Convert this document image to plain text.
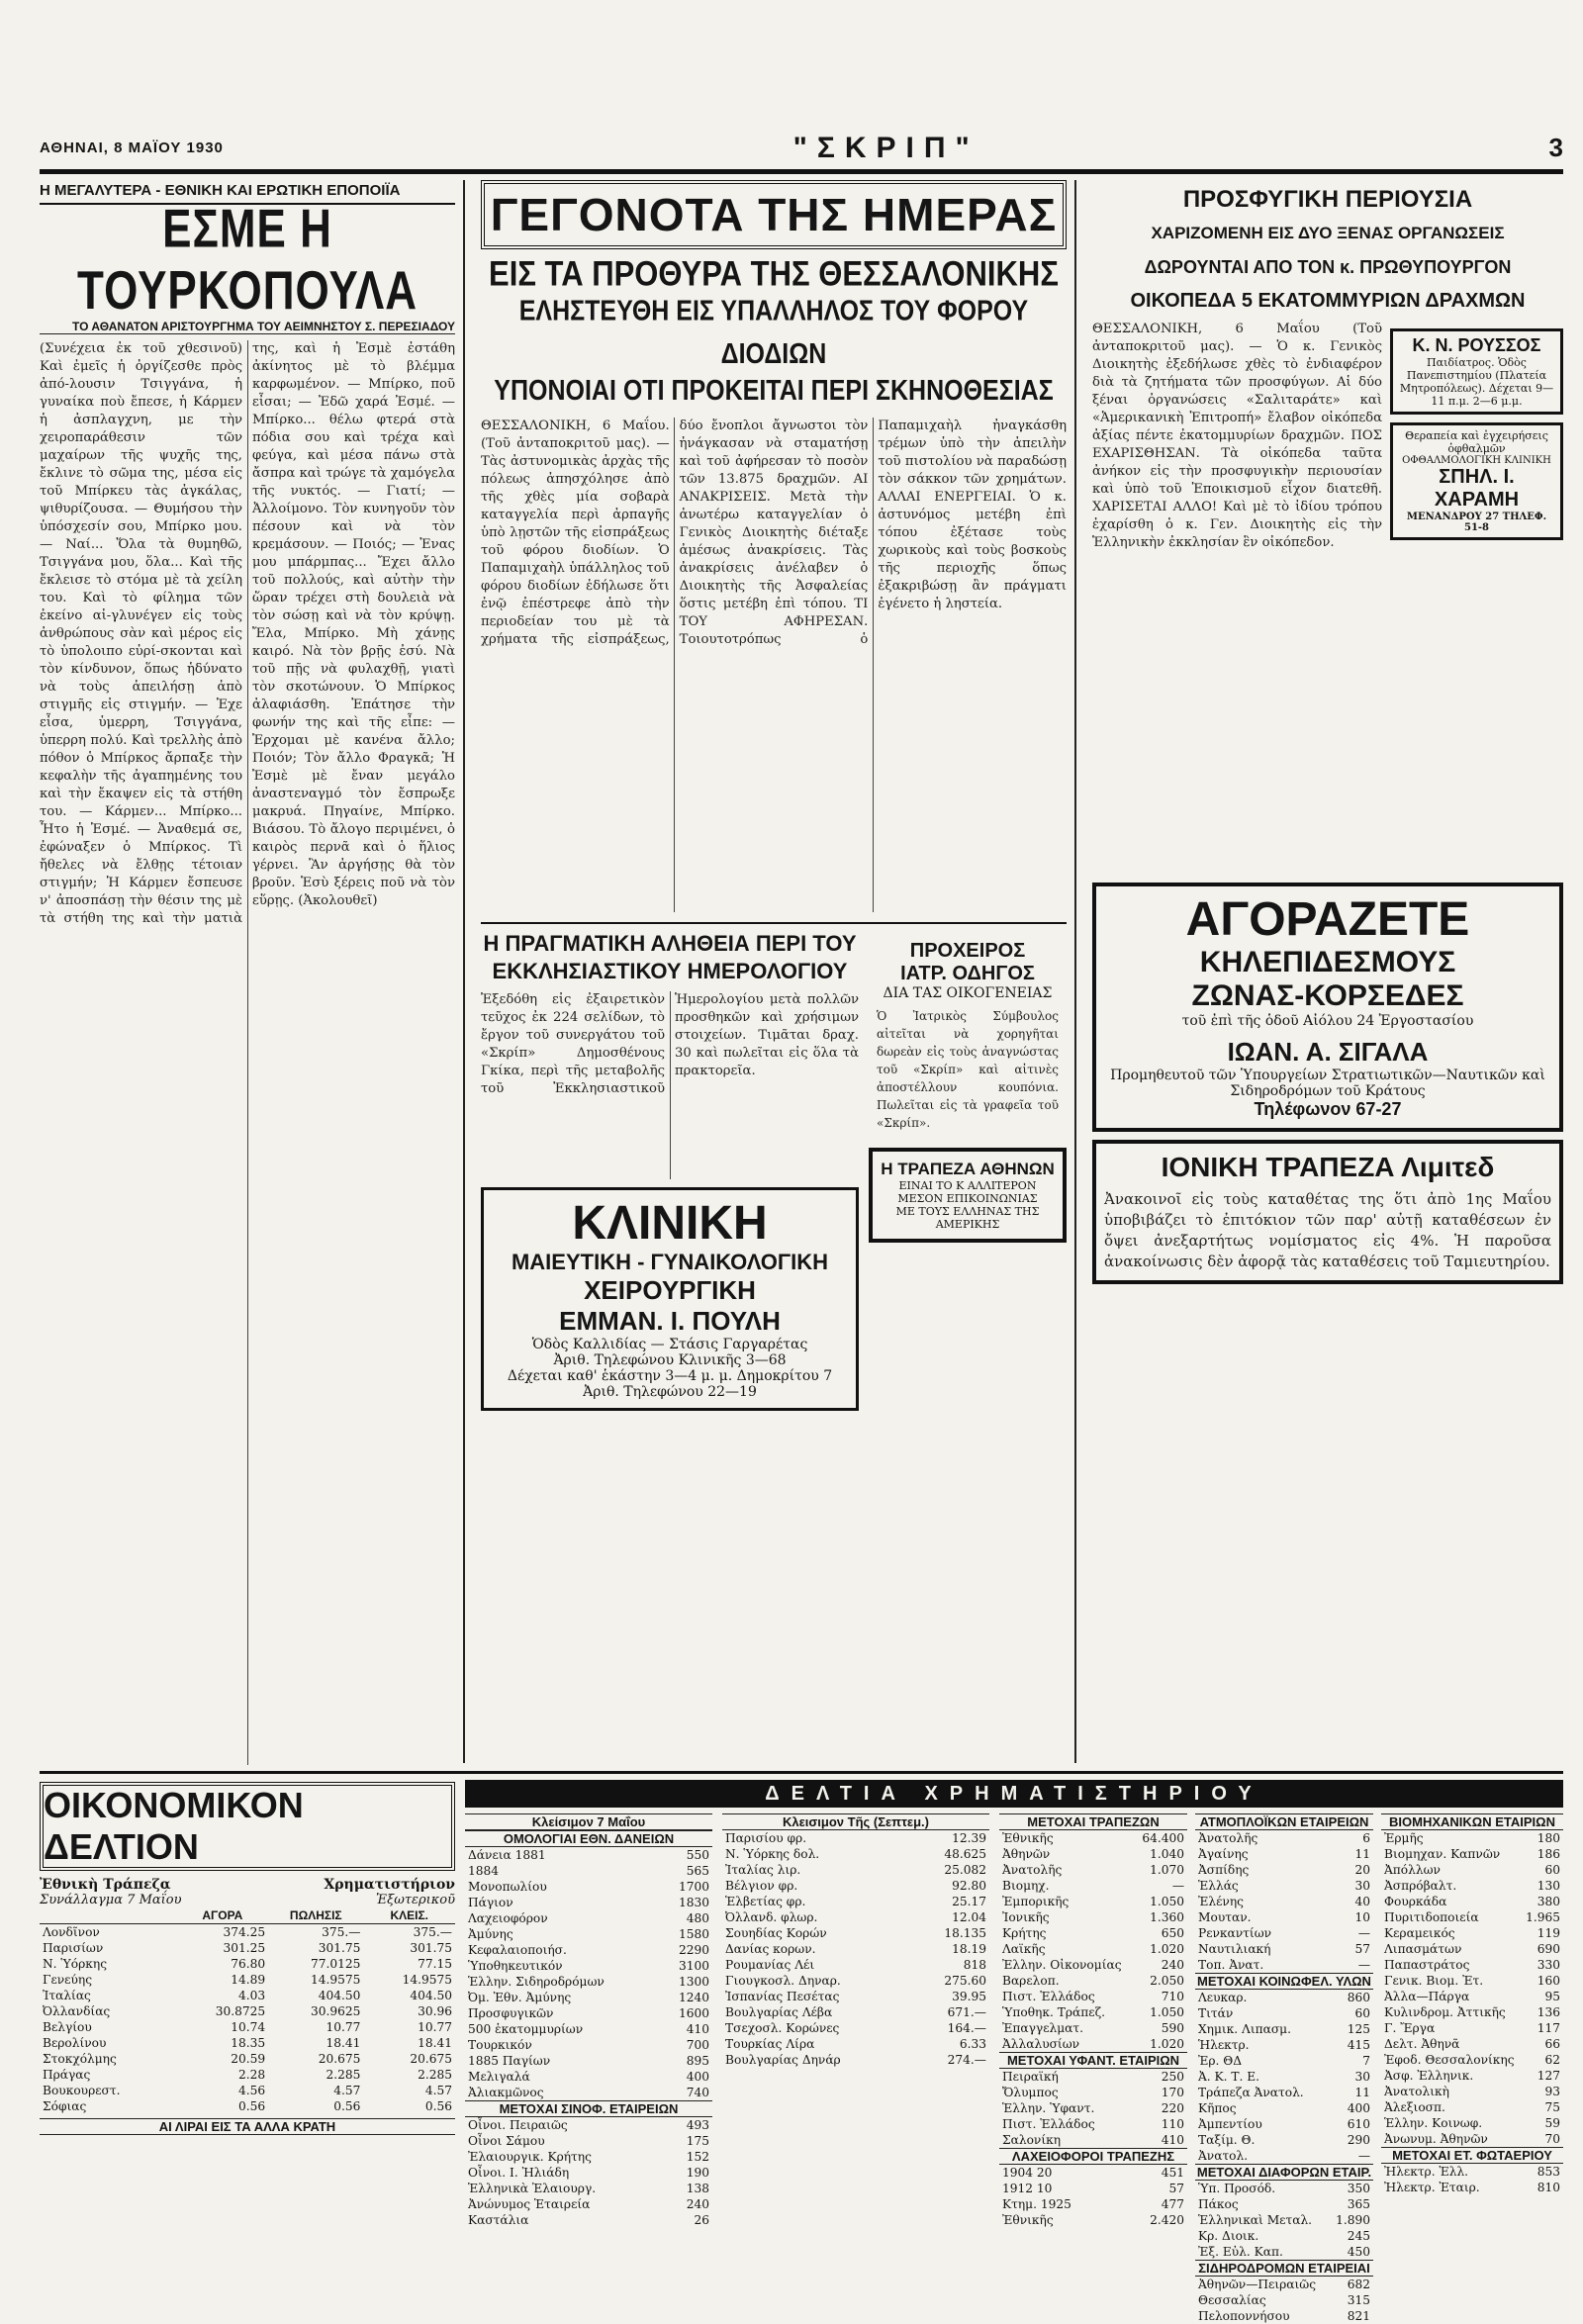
ΑΘΗΝΑΙ, 8 ΜΑΪΟΥ 1930	"ΣΚΡΙΠ"	3
Η ΜΕΓΑΛΥΤΕΡΑ - ΕΘΝΙΚΗ ΚΑΙ ΕΡΩΤΙΚΗ ΕΠΟΠΟΙΪΑ
ΕΣΜΕ Η ΤΟΥΡΚΟΠΟΥΛΑ
ΤΟ ΑΘΑΝΑΤΟΝ ΑΡΙΣΤΟΥΡΓΗΜΑ ΤΟΥ ΑΕΙΜΝΗΣΤΟΥ Σ. ΠΕΡΕΣΙΑΔΟΥ
(Συνέχεια ἐκ τοῦ χθεσινοῦ) Καὶ ἐμεῖς ἡ ὀργίζεσθε πρὸς ἀπό-λουσιν Τσιγγάνα, ἡ γυναίκα ποὺ ἔπεσε, ἡ Κάρμεν ἡ ἀσπλαγχνη, με τὴν χειροπαράθεσιν τῶν μαχαίρων τῆς ψυχῆς της, ἔκλινε τὸ σῶμα της, μέσα εἰς τοῦ Μπίρκευ τὰς ἀγκάλας, ψιθυρίζουσα. — Θυμήσου τὴν ὑπόσχεσίν σου, Μπίρκο μου. — Ναί... Ὅλα τὰ θυμηθῶ, Τσιγγάνα μου, ὅλα... Καὶ τῆς ἔκλεισε τὸ στόμα μὲ τὰ χείλη του. Καὶ τὸ φίλημα τῶν ἐκείνο αἰ-γλυνέγεν εἰς τοὺς ἀνθρώπους σὰν καὶ μέρος εἰς τὸ ὑπολοιπο εὐρί-σκονται καὶ τὸν κίνδυνον, ὅπως ἡδύνατο νὰ τοὺς ἀπειλήσῃ ἀπὸ στιγμῆς εἰς στιγμήν. — Ἐχε εἶσα, ὑμερρη, Τσιγγάνα, ὑπερρη πολύ. Καὶ τρελλὴς ἀπὸ πόθον ὁ Μπίρκος ἄρπαξε τὴν κεφαλὴν τῆς ἀγαπημένης του καὶ τὴν ἔκαψεν εἰς τὰ στήθη του. — Κάρμεν... Μπίρκο... Ἦτο ἡ Ἐσμέ. — Ἀναθεμά σε, ἐφώναξεν ὁ Μπίρκος. Τὶ ἤθελες νὰ ἔλθῃς τέτοιαν στιγμήν; Ἡ Κάρμεν ἔσπευσε ν' ἀποσπάσῃ τὴν θέσιν της μὲ τὰ στήθη της καὶ τὴν ματιὰ της, καὶ ἡ Ἐσμὲ ἐστάθη ἀκίνητος μὲ τὸ βλέμμα καρφωμένον. — Μπίρκο, ποῦ εἶσαι; — Ἐδῶ χαρά Ἐσμέ. — Μπίρκο... θέλω φτερά στὰ πόδια σου καὶ τρέχα καὶ φεύγα, καὶ μέσα πάνω στὰ ἄσπρα καὶ τρώγε τὰ χαμόγελα τῆς νυκτός. — Γιατί; — Ἀλλοίμονο. Τὸν κυνηγοῦν τὸν πέσουν καὶ νὰ τὸν κρεμάσουν. — Ποιός; — Ἐνας μου μπάρμπας... Ἔχει ἄλλο τοῦ πολλούς, καὶ αὐτὴν τὴν ὥραν τρέχει στὴ δουλειὰ νὰ τὸν σώσῃ καὶ νὰ τὸν κρύψῃ. Ἔλα, Μπίρκο. Μὴ χάνῃς καιρό. Νὰ τὸν βρῇς ἐσύ. Νὰ τοῦ πῇς νὰ φυλαχθῇ, γιατὶ τὸν σκοτώνουν. Ὁ Μπίρκος ἀλαφιάσθη. Ἐπάτησε τὴν φωνήν της καὶ τῆς εἶπε: — Ἐρχομαι μὲ κανένα ἄλλο; Ποιόν; Τὸν ἄλλο Φραγκᾶ; Ἡ Ἐσμὲ μὲ ἔναν μεγάλο ἀναστεναγμό τὸν ἔσπρωξε μακρυά. Πηγαίνε, Μπίρκο. Βιάσου. Τὸ ἄλογο περιμένει, ὁ καιρὸς περνᾶ καὶ ὁ ἥλιος γέρνει. Ἂν ἀργήσῃς θὰ τὸν βροῦν. Ἐσὺ ξέρεις ποῦ νὰ τὸν εὕρῃς. (Ἀκολουθεῖ)
ΓΕΓΟΝΟΤΑ ΤΗΣ ΗΜΕΡΑΣ
ΕΙΣ ΤΑ ΠΡΟΘΥΡΑ ΤΗΣ ΘΕΣΣΑΛΟΝΙΚΗΣ
ΕΛΗΣΤΕΥΘΗ ΕΙΣ ΥΠΑΛΛΗΛΟΣ ΤΟΥ ΦΟΡΟΥ ΔΙΟΔΙΩΝ
ΥΠΟΝΟΙΑΙ ΟΤΙ ΠΡΟΚΕΙΤΑΙ ΠΕΡΙ ΣΚΗΝΟΘΕΣΙΑΣ
ΘΕΣΣΑΛΟΝΙΚΗ, 6 Μαΐου. (Τοῦ ἀνταποκριτοῦ μας). — Τὰς ἀστυνομικὰς ἀρχὰς τῆς πόλεως ἀπησχόλησε ἀπὸ τῆς χθὲς μία σοβαρὰ καταγγελία περὶ ἀρπαγῆς ὑπὸ λῃστῶν τῆς εἰσπράξεως τοῦ φόρου διοδίων. Ὁ Παπαμιχαὴλ ὑπάλληλος τοῦ φόρου διοδίων ἐδήλωσε ὅτι ἐνῷ ἐπέστρεφε ἀπὸ τὴν περιοδείαν του μὲ τὰ χρήματα τῆς εἰσπράξεως, δύο ἔνοπλοι ἄγνωστοι τὸν ἠνάγκασαν νὰ σταματήσῃ καὶ τοῦ ἀφήρεσαν τὸ ποσὸν τῶν 13.875 δραχμῶν. ΑΙ ΑΝΑΚΡΙΣΕΙΣ. Μετὰ τὴν ἀνωτέρω καταγγελίαν ὁ Γενικὸς Διοικητὴς διέταξε ἀμέσως ἀνακρίσεις. Τὰς ἀνακρίσεις ἀνέλαβεν ὁ Διοικητὴς τῆς Ἀσφαλείας ὅστις μετέβη ἐπὶ τόπου. ΤΙ ΤΟΥ ΑΦΗΡΕΣΑΝ. Τοιουτοτρόπως ὁ Παπαμιχαὴλ ἠναγκάσθη τρέμων ὑπὸ τὴν ἀπειλὴν τοῦ πιστολίου νὰ παραδώσῃ τὸν σάκκον τῶν χρημάτων. ΑΛΛΑΙ ΕΝΕΡΓΕΙΑΙ. Ὁ κ. ἀστυνόμος μετέβη ἐπὶ τόπου ἐξέτασε τοὺς χωρικοὺς καὶ τοὺς βοσκοὺς τῆς περιοχῆς ὅπως ἐξακριβώσῃ ἂν πράγματι ἐγένετο ἡ ληστεία.
Η ΠΡΑΓΜΑΤΙΚΗ ΑΛΗΘΕΙΑ ΠΕΡΙ ΤΟΥ ΕΚΚΛΗΣΙΑΣΤΙΚΟΥ ΗΜΕΡΟΛΟΓΙΟΥ
Ἐξεδόθη εἰς ἐξαιρετικὸν τεῦχος ἐκ 224 σελίδων, τὸ ἔργον τοῦ συνεργάτου τοῦ «Σκρίπ» Δημοσθένους Γκίκα, περὶ τῆς μεταβολῆς τοῦ Ἐκκλησιαστικοῦ Ἡμερολογίου μετὰ πολλῶν προσθηκῶν καὶ χρήσιμων στοιχείων. Τιμᾶται δραχ. 30 καὶ πωλεῖται εἰς ὅλα τὰ πρακτορεῖα.
ΚΛΙΝΙΚΗ
ΜΑΙΕΥΤΙΚΗ - ΓΥΝΑΙΚΟΛΟΓΙΚΗ
ΧΕΙΡΟΥΡΓΙΚΗ
ΕΜΜΑΝ. Ι. ΠΟΥΛΗ
Ὁδὸς Καλλιδίας — Στάσις Γαργαρέτας
Ἀριθ. Τηλεφώνου Κλινικῆς 3—68
Δέχεται καθ' ἑκάστην 3—4 μ. μ. Δημοκρίτου 7
Ἀριθ. Τηλεφώνου 22—19
ΠΡΟΧΕΙΡΟΣ
ΙΑΤΡ. ΟΔΗΓΟΣ
ΔΙΑ ΤΑΣ ΟΙΚΟΓΕΝΕΙΑΣ
Ὁ Ἰατρικὸς Σύμβουλος αἰτεῖται νὰ χορηγῆται δωρεὰν εἰς τοὺς ἀναγνώστας τοῦ «Σκρίπ» καὶ αἰτινὲς ἀποστέλλουν κουπόνια. Πωλεῖται εἰς τὰ γραφεῖα τοῦ «Σκρίπ».
Η ΤΡΑΠΕΖΑ ΑΘΗΝΩΝ
ΕΙΝΑΙ ΤΟ Κ ΑΛΛΙΤΕΡΟΝ ΜΕΣΟΝ ΕΠΙΚΟΙΝΩΝΙΑΣ
ΜΕ ΤΟΥΣ ΕΛΛΗΝΑΣ ΤΗΣ ΑΜΕΡΙΚΗΣ
ΠΡΟΣΦΥΓΙΚΗ ΠΕΡΙΟΥΣΙΑ
ΧΑΡΙΖΟΜΕΝΗ ΕΙΣ ΔΥΟ ΞΕΝΑΣ ΟΡΓΑΝΩΣΕΙΣ
ΔΩΡΟΥΝΤΑΙ ΑΠΟ ΤΟΝ κ. ΠΡΩΘΥΠΟΥΡΓΟΝ
ΟΙΚΟΠΕΔΑ 5 ΕΚΑΤΟΜΜΥΡΙΩΝ ΔΡΑΧΜΩΝ
ΘΕΣΣΑΛΟΝΙΚΗ, 6 Μαΐου (Τοῦ ἀνταποκριτοῦ μας). — Ὁ κ. Γενικὸς Διοικητὴς ἐξεδήλωσε χθὲς τὸ ἐνδιαφέρον διὰ τὰ ζητήματα τῶν προσφύγων. Αἱ δύο ξέναι ὀργανώσεις «Σαλιταράτε» καὶ «Ἀμερικανικὴ Ἐπιτροπή» ἔλαβον οἰκόπεδα ἀξίας πέντε ἐκατομμυρίων δραχμῶν. ΠΟΣ ΕΧΑΡΙΣΘΗΣΑΝ. Τὰ οἰκόπεδα ταῦτα ἀνήκον εἰς τὴν προσφυγικὴν περιουσίαν καὶ ὑπὸ τοῦ Ἐποικισμοῦ εἶχον διατεθῆ. ΧΑΡΙΣΕΤΑΙ ΑΛΛΟ! Καὶ μὲ τὸ ἰδίου τρόπου ἐχαρίσθη ὁ κ. Γεν. Διοικητὴς εἰς τὴν Ἑλληνικὴν ἐκκλησίαν ἓν οἰκόπεδον.
Κ. Ν. ΡΟΥΣΣΟΣ
Παιδίατρος. Ὁδὸς Πανεπιστημίου (Πλατεία Μητροπόλεως). Δέχεται 9—11 π.μ. 2—6 μ.μ.
Θεραπεία καὶ ἐγχειρήσεις ὀφθαλμῶν
ΟΦΘΑΛΜΟΛΟΓΙΚΗ ΚΛΙΝΙΚΗ
ΣΠΗΛ. Ι. ΧΑΡΑΜΗ
ΜΕΝΑΝΔΡΟΥ 27 ΤΗΛΕΦ. 51-8
ΑΓΟΡΑΖΕΤΕ
ΚΗΛΕΠΙΔΕΣΜΟΥΣ
ΖΩΝΑΣ-ΚΟΡΣΕΔΕΣ
τοῦ ἐπὶ τῆς ὁδοῦ Αἰόλου 24 Ἐργοστασίου
ΙΩΑΝ. Α. ΣΙΓΑΛΑ
Προμηθευτοῦ τῶν Ὑπουργείων Στρατιωτικῶν—Ναυτικῶν καὶ Σιδηροδρόμων τοῦ Κράτους
Τηλέφωνον 67-27
ΙΟΝΙΚΗ ΤΡΑΠΕΖΑ Λιμιτεδ
Ἀνακοινοῖ εἰς τοὺς καταθέτας της ὅτι ἀπὸ 1ης Μαΐου ὑποβιβάζει τὸ ἐπιτόκιον τῶν παρ' αὐτῇ καταθέσεων ἐν ὄψει ἀνεξαρτήτως νομίσματος εἰς 4%. Ἡ παροῦσα ἀνακοίνωσις δὲν ἀφορᾷ τὰς καταθέσεις τοῦ Ταμιευτηρίου.
ΟΙΚΟΝΟΜΙΚΟΝ ΔΕΛΤΙΟΝ
ΔΕΛΤΙΑ ΧΡΗΜΑΤΙΣΤΗΡΙΟΥ
Ἐθνικὴ Τράπεζα	Χρηματιστήριον
Συνάλλαγμα 7 Μαΐου	Ἐξωτερικοῦ
	ΑΓΟΡΑ	ΠΩΛΗΣΙΣ	ΚΛΕΙΣ.
Λονδῖνον	374.25	375.—	375.—
Παρισίων	301.25	301.75	301.75
Ν. Ὑόρκης	76.80	77.0125	77.15
Γενεύης	14.89	14.9575	14.9575
Ἰταλίας	4.03	404.50	404.50
Ὀλλανδίας	30.8725	30.9625	30.96
Βελγίου	10.74	10.77	10.77
Βερολίνου	18.35	18.41	18.41
Στοκχόλμης	20.59	20.675	20.675
Πράγας	2.28	2.285	2.285
Βουκουρεστ.	4.56	4.57	4.57
Σόφιας	0.56	0.56	0.56
ΑΙ ΛΙΡΑΙ ΕΙΣ ΤΑ ΑΛΛΑ ΚΡΑΤΗ
Κλείσιμον 7 Μαΐου
ΟΜΟΛΟΓΙΑΙ ΕΘΝ. ΔΑΝΕΙΩΝ
Δάνεια 1881	550
1884	565
Μονοπωλίου	1700
Πάγιον	1830
Λαχειοφόρον	480
Ἀμύνης	1580
Κεφαλαιοποιήσ.	2290
Ὑποθηκευτικόν	3100
Ἑλλην. Σιδηροδρόμων	1300
Ὀμ. Ἐθν. Ἀμύνης	1240
Προσφυγικῶν	1600
500 ἑκατομμυρίων	410
Τουρκικόν	700
1885 Παγίων	895
Μελιγαλά	400
Ἀλιακμῶνος	740
ΜΕΤΟΧΑΙ ΣΙΝΟΦ. ΕΤΑΙΡΕΙΩΝ
Οἶνοι. Πειραιῶς	493
Οἶνοι Σάμου	175
Ἐλαιουργικ. Κρήτης	152
Οἶνοι. Ι. Ἠλιάδη	190
Ἑλληνικὰ Ἐλαιουργ.	138
Ἀνώνυμος Ἑταιρεία	240
Καστάλια	26
Κλεισιμον Τῆς (Σεπτεμ.)
Παρισίου φρ.	12.39
Ν. Ὑόρκης δολ.	48.625
Ἰταλίας λιρ.	25.082
Βέλγιον φρ.	92.80
Ἑλβετίας φρ.	25.17
Ὀλλανδ. φλωρ.	12.04
Σουηδίας Κορών	18.135
Δανίας κορων.	18.19
Ρουμανίας Λέι	818
Γιουγκοσλ. Δηναρ.	275.60
Ἰσπανίας Πεσέτας	39.95
Βουλγαρίας Λέβα	671.—
Τσεχοσλ. Κορώνες	164.—
Τουρκίας Λίρα	6.33
Βουλγαρίας Δηνάρ	274.—
ΜΕΤΟΧΑΙ ΤΡΑΠΕΖΩΝ
Ἐθνικῆς	64.400
Ἀθηνῶν	1.040
Ἀνατολῆς	1.070
Βιομηχ.	—
Ἐμπορικῆς	1.050
Ἰονικῆς	1.360
Κρήτης	650
Λαϊκῆς	1.020
Ἐλλην. Οἰκονομίας	240
Βαρελοπ.	2.050
Πιστ. Ἑλλάδος	710
Ὑποθηκ. Τράπεζ.	1.050
Ἐπαγγελματ.	590
Ἀλλαλυσίων	1.020
ΜΕΤΟΧΑΙ ΥΦΑΝΤ. ΕΤΑΙΡΙΩΝ
Πειραϊκή	250
Ὄλυμπος	170
Ἑλλην. Ὑφαντ.	220
Πιστ. Ἑλλάδος	110
Σαλονίκη	410
ΛΑΧΕΙΟΦΟΡΟΙ ΤΡΑΠΕΖΗΣ
1904 20	451
1912 10	57
Κτημ. 1925	477
Ἐθνικῆς	2.420
ΑΤΜΟΠΛΟΪΚΩΝ ΕΤΑΙΡΕΙΩΝ
Ἀνατολῆς	6
Ἀγαίνης	11
Ἀσπίδης	20
Ἑλλάς	30
Ἐλένης	40
Μουταν.	10
Ρενκαντίων	—
Ναυτιλιακή	57
Τοπ. Ἀνατ.	—
ΜΕΤΟΧΑΙ ΚΟΙΝΩΦΕΛ. ΥΛΩΝ
Λευκαρ.	860
Τιτάν	60
Χημικ. Λιπασμ.	125
Ἡλεκτρ.	415
Ἐρ. ΘΔ	7
Ἀ. Κ. Τ. Ε.	30
Τράπεζα Ἀνατολ.	11
Κῆπος	400
Ἀμπεντίου	610
Ταξίμ. Θ.	290
Ἀνατολ.	—
ΜΕΤΟΧΑΙ ΔΙΑΦΟΡΩΝ ΕΤΑΙΡ.
Ὑπ. Προσόδ.	350
Πάκος	365
Ἑλληνικαὶ Μεταλ.	1.890
Κρ. Διοικ.	245
Ἐξ. Εὐλ. Καπ.	450
ΣΙΔΗΡΟΔΡΟΜΩΝ ΕΤΑΙΡΕΙΑΙ
Ἀθηνῶν—Πειραιῶς	682
Θεσσαλίας	315
Πελοποννήσου	821
ΒΙΟΜΗΧΑΝΙΚΩΝ ΕΤΑΙΡΙΩΝ
Ἐρμῆς	180
Βιομηχαν. Καπνῶν	186
Ἀπόλλων	60
Ἀσπρόβαλτ.	130
Φουρκάδα	380
Πυριτιδοποιεία	1.965
Κεραμεικός	119
Λιπασμάτων	690
Παπαστράτος	330
Γενικ. Βιομ. Ἐτ.	160
Ἀλλα—Πάργα	95
Κυλινδρομ. Ἀττικῆς	136
Γ. Ἔργα	117
Δελτ. Ἀθηνᾶ	66
Ἐφοδ. Θεσσαλονίκης	62
Ἀσφ. Ἐλληνικ.	127
Ἀνατολικὴ	93
Ἀλεξιοσπ.	75
Ἑλλην. Κοινωφ.	59
Ἀνωνυμ. Ἀθηνῶν	70
ΜΕΤΟΧΑΙ ΕΤ. ΦΩΤΑΕΡΙΟΥ
Ἠλεκτρ. Ἑλλ.	853
Ἠλεκτρ. Ἐταιρ.	810
